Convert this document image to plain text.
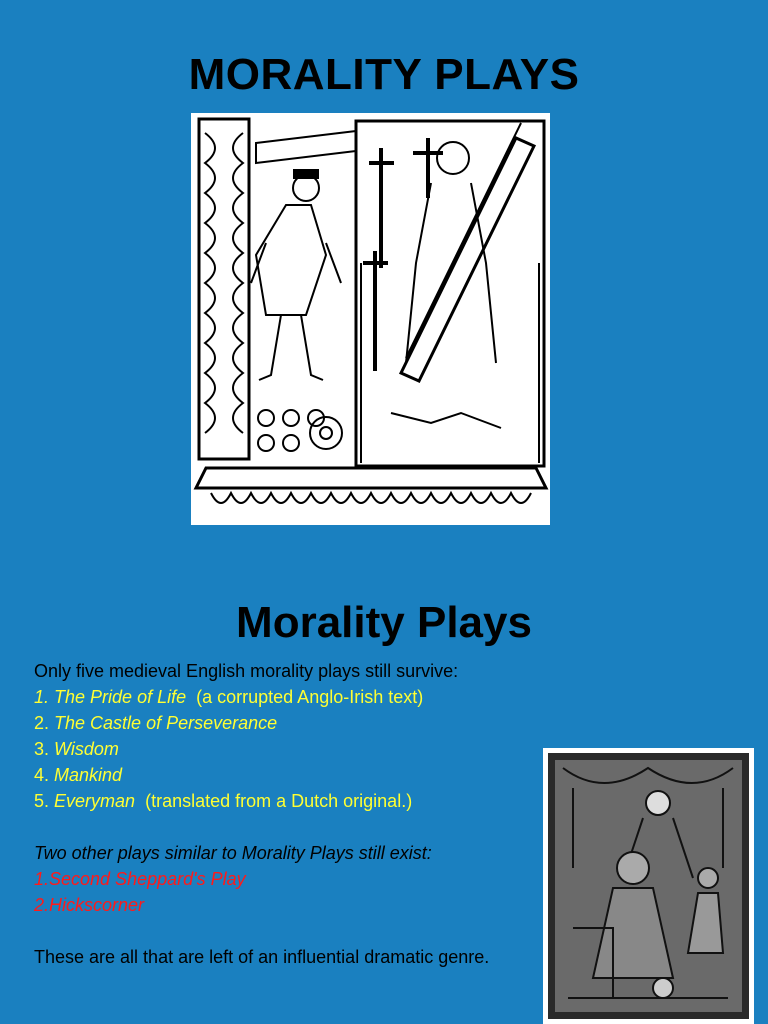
MORALITY PLAYS
Morality Plays
Only five medieval English morality plays still survive:
1. The Pride of Life (a corrupted Anglo-Irish text)
2. The Castle of Perseverance
3. Wisdom
4. Mankind
5. Everyman (translated from a Dutch original.)
Two other plays similar to Morality Plays still exist:
1.Second Sheppard's Play
2.Hickscorner
These are all that are left of an influential dramatic genre.
